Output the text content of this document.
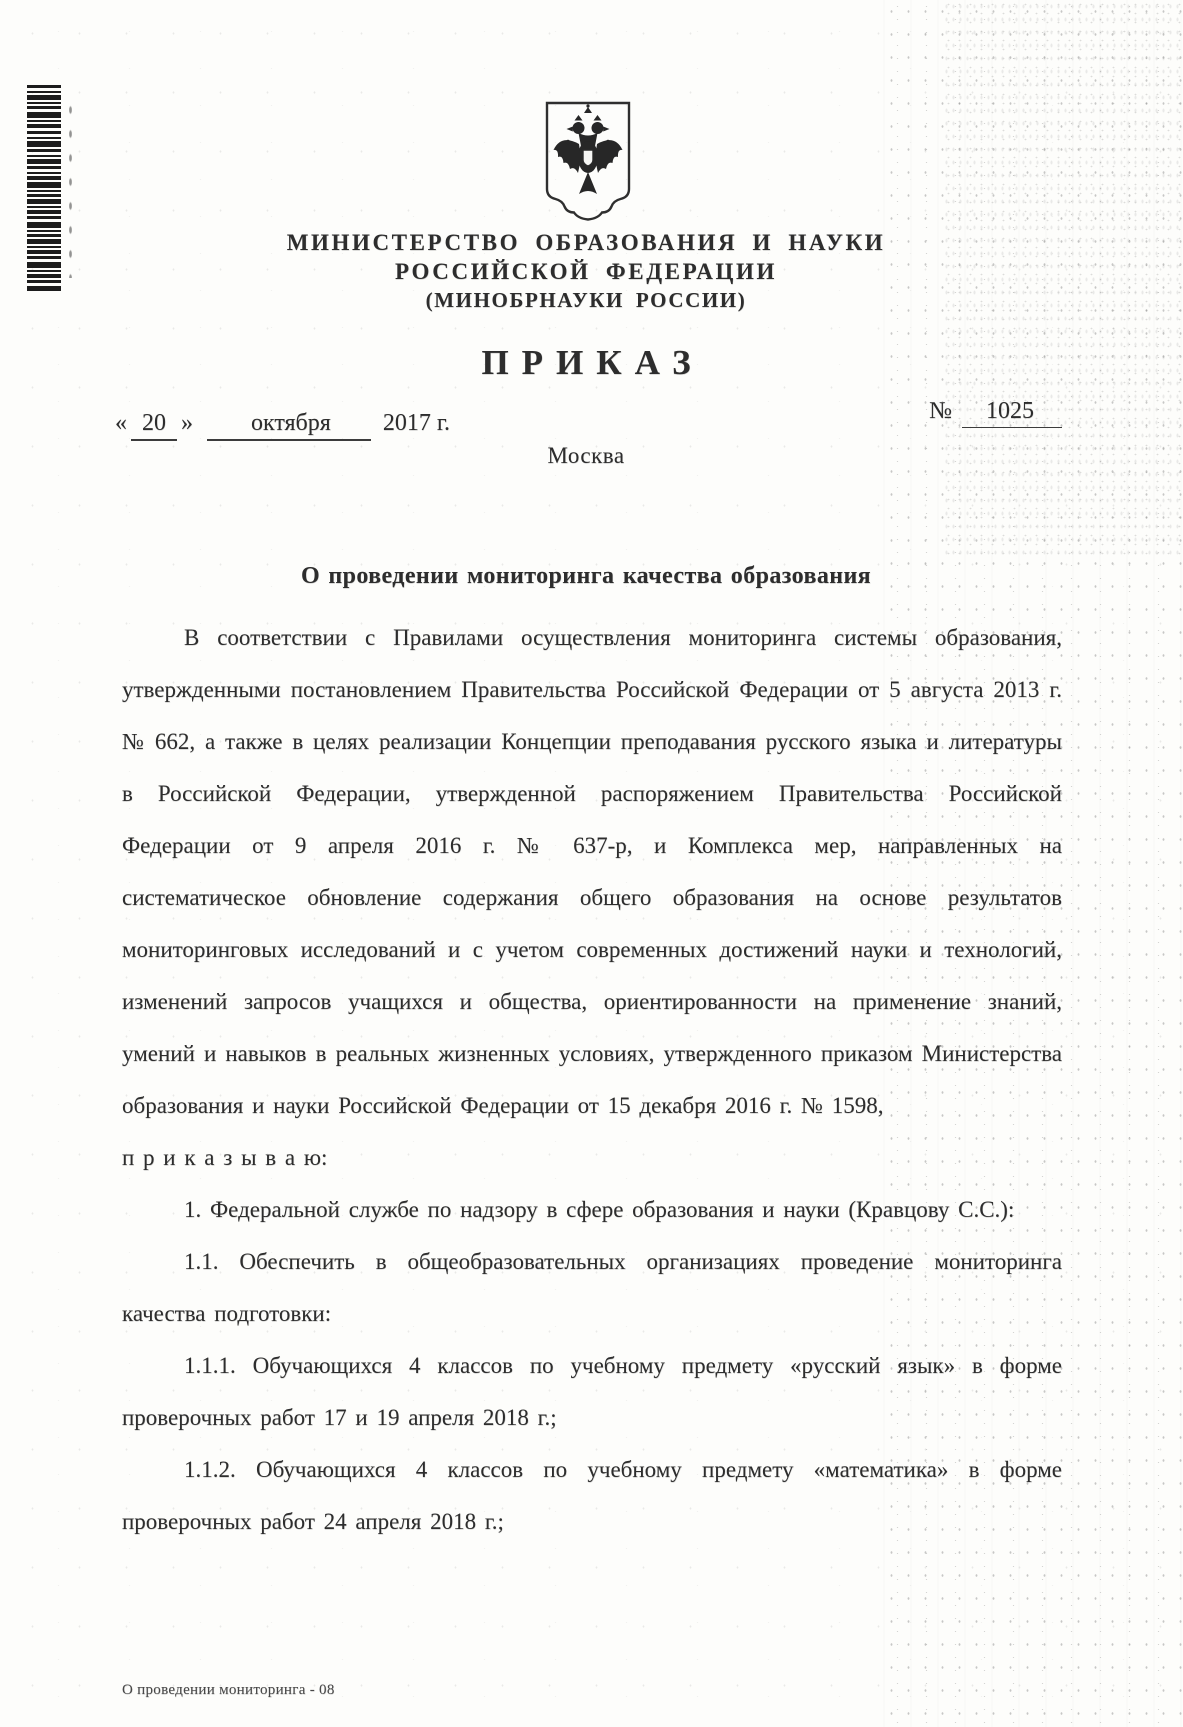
МИНИСТЕРСТВО ОБРАЗОВАНИЯ И НАУКИ
РОССИЙСКОЙ ФЕДЕРАЦИИ
(МИНОБРНАУКИ РОССИИ)
ПРИКАЗ
« 20 » октября 2017 г.	№ 1025
Москва
О проведении мониторинга качества образования

В соответствии с Правилами осуществления мониторинга системы образования, утвержденными постановлением Правительства Российской Федерации от 5 августа 2013 г. № 662, а также в целях реализации Концепции преподавания русского языка и литературы в Российской Федерации, утвержденной распоряжением Правительства Российской Федерации от 9 апреля 2016 г. № 637-р, и Комплекса мер, направленных на систематическое обновление содержания общего образования на основе результатов мониторинговых исследований и с учетом современных достижений науки и технологий, изменений запросов учащихся и общества, ориентированности на применение знаний, умений и навыков в реальных жизненных условиях, утвержденного приказом Министерства образования и науки Российской Федерации от 15 декабря 2016 г. № 1598,

п р и к а з ы в а ю:

1. Федеральной службе по надзору в сфере образования и науки (Кравцову С.С.):

1.1. Обеспечить в общеобразовательных организациях проведение мониторинга качества подготовки:

1.1.1. Обучающихся 4 классов по учебному предмету «русский язык» в форме проверочных работ 17 и 19 апреля 2018 г.;

1.1.2. Обучающихся 4 классов по учебному предмету «математика» в форме проверочных работ 24 апреля 2018 г.;

О проведении мониторинга - 08
